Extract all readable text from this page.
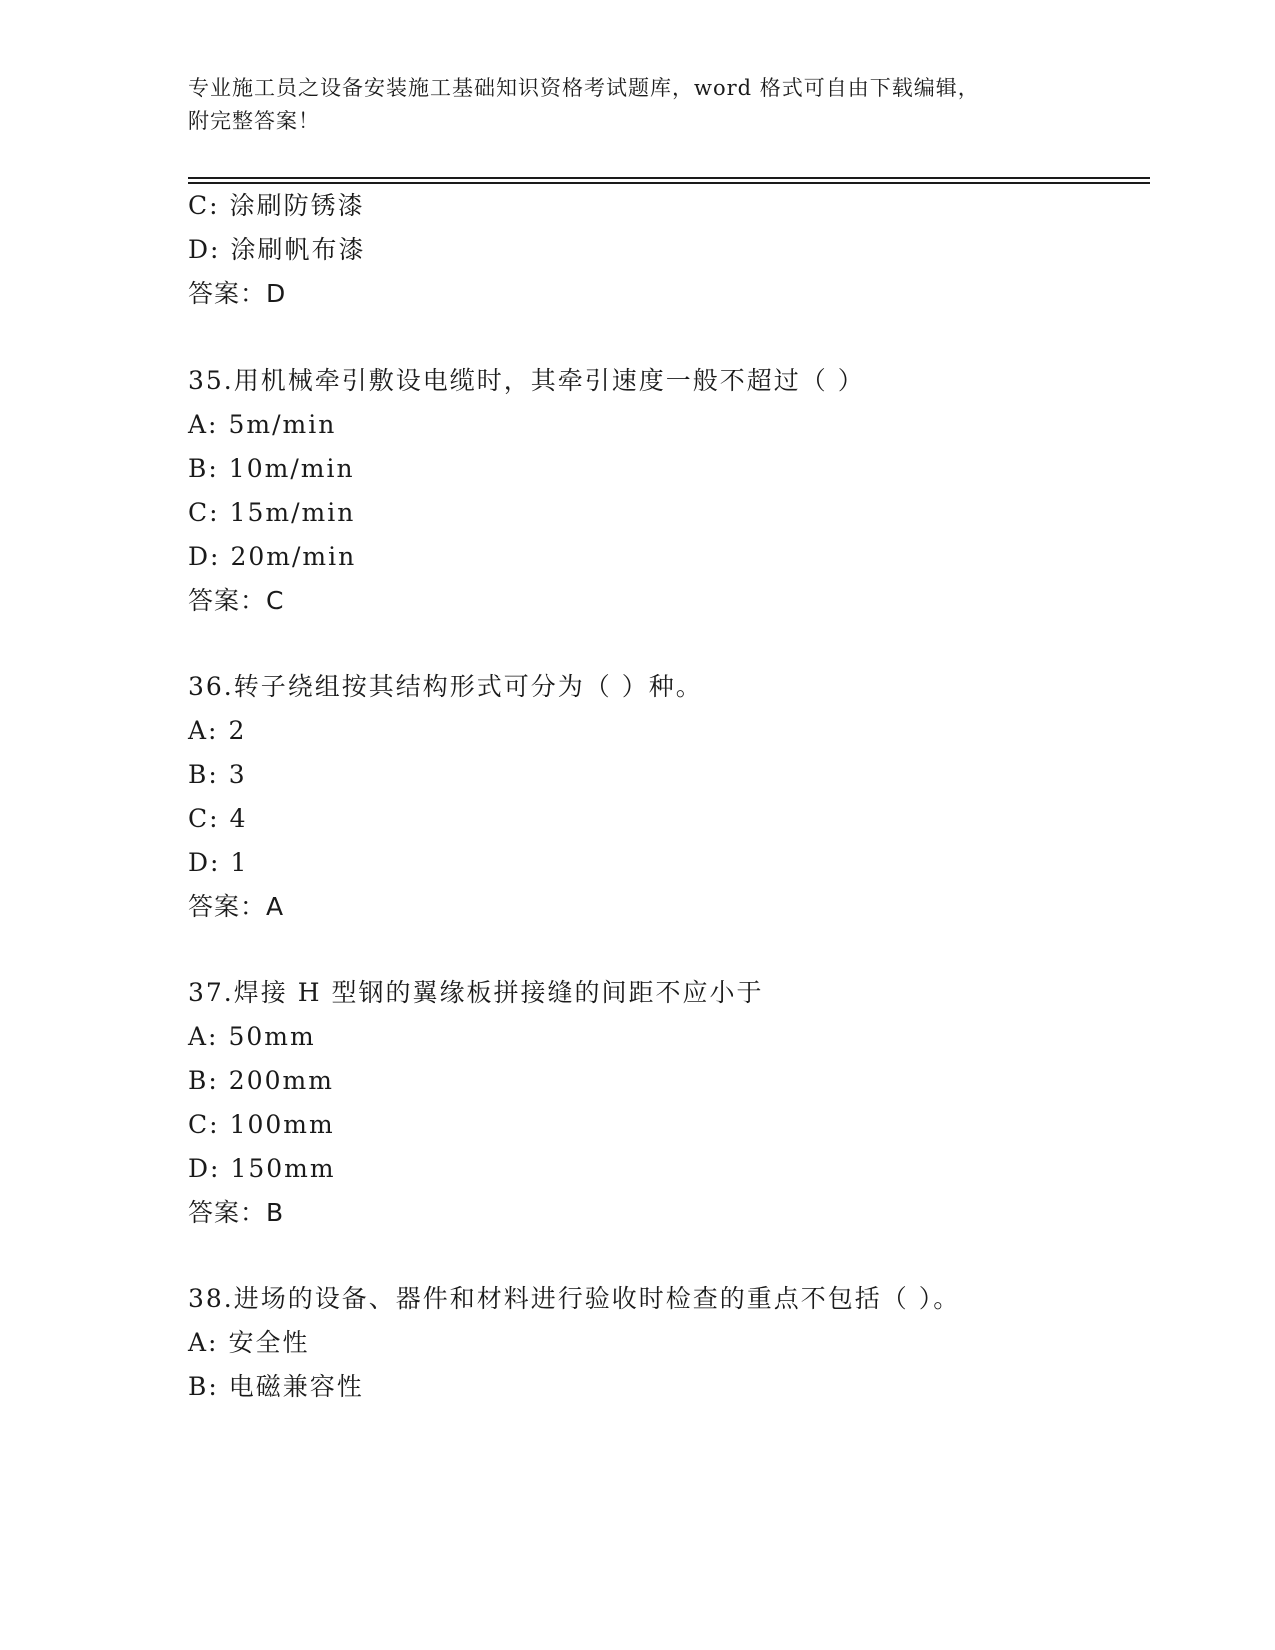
专业施工员之设备安装施工基础知识资格考试题库，word 格式可自由下载编辑，
附完整答案！
C: 涂刷防锈漆
D: 涂刷帆布漆
答案：D
35.用机械牵引敷设电缆时，其牵引速度一般不超过（ ）
A: 5m/min
B: 10m/min
C: 15m/min
D: 20m/min
答案：C
36.转子绕组按其结构形式可分为（ ）种。
A: 2
B: 3
C: 4
D: 1
答案：A
37.焊接 H 型钢的翼缘板拼接缝的间距不应小于
A: 50mm
B: 200mm
C: 100mm
D: 150mm
答案：B
38.进场的设备、器件和材料进行验收时检查的重点不包括（ ）。
A: 安全性
B: 电磁兼容性
